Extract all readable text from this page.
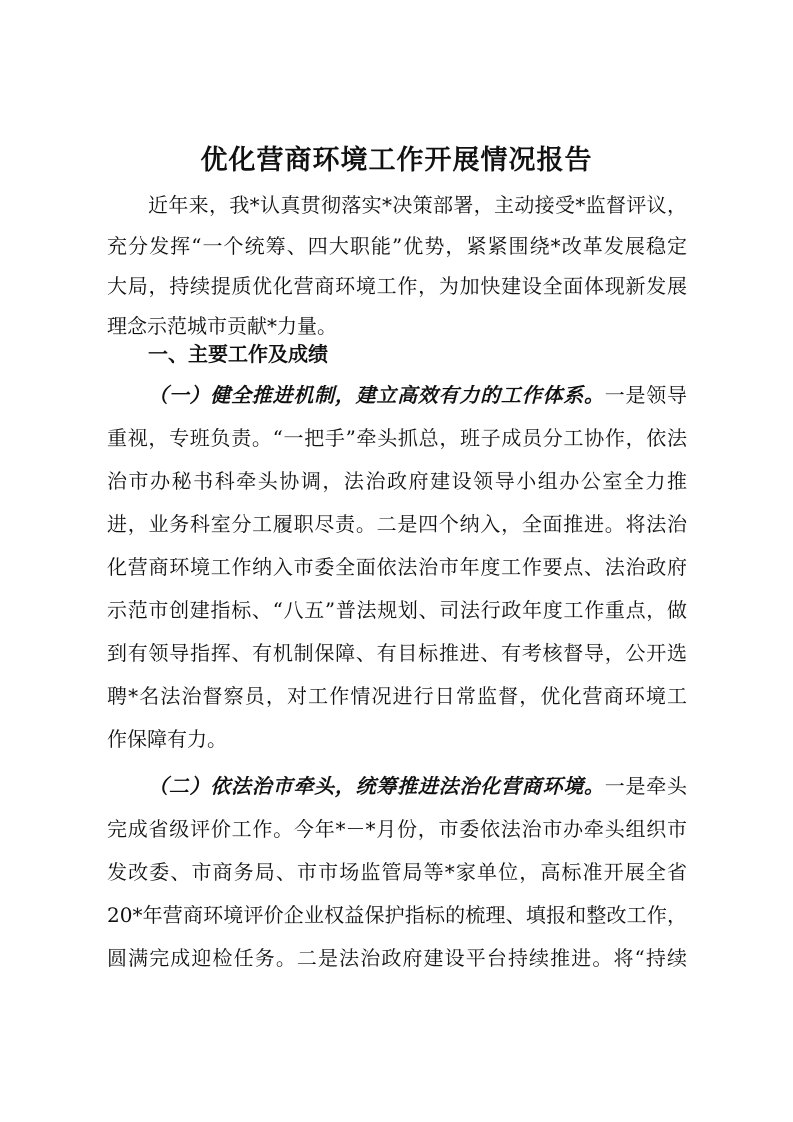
优化营商环境工作开展情况报告

近年来，我*认真贯彻落实*决策部署，主动接受*监督评议，

充分发挥“一个统筹、四大职能”优势，紧紧围绕*改革发展稳定

大局，持续提质优化营商环境工作，为加快建设全面体现新发展

理念示范城市贡献*力量。

一、主要工作及成绩

（一）健全推进机制，建立高效有力的工作体系。一是领导

重视，专班负责。“一把手”牵头抓总，班子成员分工协作，依法

治市办秘书科牵头协调，法治政府建设领导小组办公室全力推

进，业务科室分工履职尽责。二是四个纳入，全面推进。将法治

化营商环境工作纳入市委全面依法治市年度工作要点、法治政府

示范市创建指标、“八五”普法规划、司法行政年度工作重点，做

到有领导指挥、有机制保障、有目标推进、有考核督导，公开选

聘*名法治督察员，对工作情况进行日常监督，优化营商环境工

作保障有力。

（二）依法治市牵头，统筹推进法治化营商环境。一是牵头

完成省级评价工作。今年*－*月份，市委依法治市办牵头组织市

发改委、市商务局、市市场监管局等*家单位，高标准开展全省

20*年营商环境评价企业权益保护指标的梳理、填报和整改工作，

圆满完成迎检任务。二是法治政府建设平台持续推进。将“持续
